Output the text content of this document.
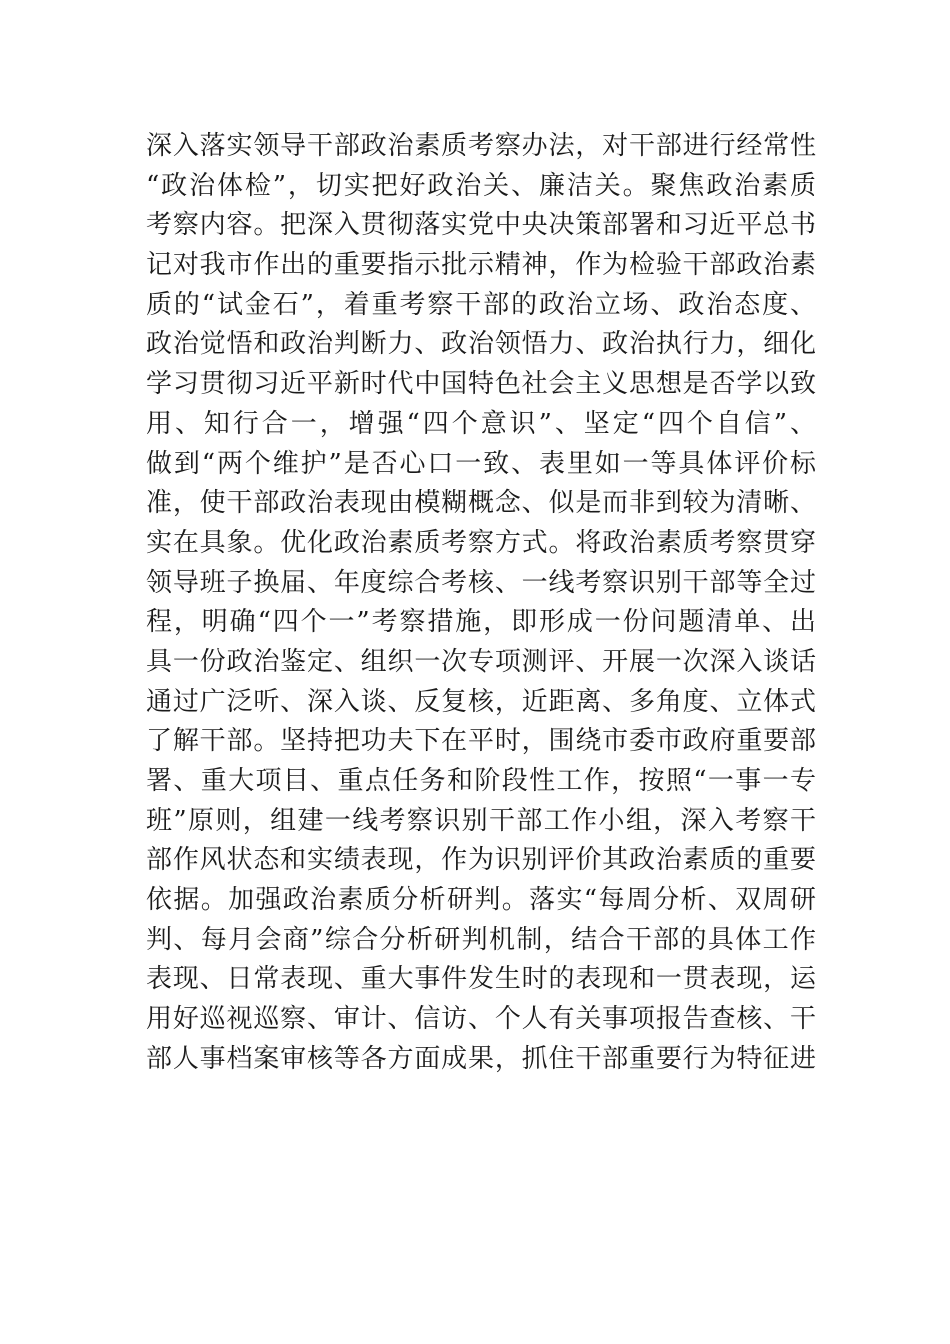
深入落实领导干部政治素质考察办法，对干部进行经常性
“政治体检”，切实把好政治关、廉洁关。聚焦政治素质
考察内容。把深入贯彻落实党中央决策部署和习近平总书
记对我市作出的重要指示批示精神，作为检验干部政治素
质的“试金石”，着重考察干部的政治立场、政治态度、
政治觉悟和政治判断力、政治领悟力、政治执行力，细化
学习贯彻习近平新时代中国特色社会主义思想是否学以致
用、知行合一，增强“四个意识”、坚定“四个自信”、
做到“两个维护”是否心口一致、表里如一等具体评价标
准，使干部政治表现由模糊概念、似是而非到较为清晰、
实在具象。优化政治素质考察方式。将政治素质考察贯穿
领导班子换届、年度综合考核、一线考察识别干部等全过
程，明确“四个一”考察措施，即形成一份问题清单、出
具一份政治鉴定、组织一次专项测评、开展一次深入谈话
通过广泛听、深入谈、反复核，近距离、多角度、立体式
了解干部。坚持把功夫下在平时，围绕市委市政府重要部
署、重大项目、重点任务和阶段性工作，按照“一事一专
班”原则，组建一线考察识别干部工作小组，深入考察干
部作风状态和实绩表现，作为识别评价其政治素质的重要
依据。加强政治素质分析研判。落实“每周分析、双周研
判、每月会商”综合分析研判机制，结合干部的具体工作
表现、日常表现、重大事件发生时的表现和一贯表现，运
用好巡视巡察、审计、信访、个人有关事项报告查核、干
部人事档案审核等各方面成果，抓住干部重要行为特征进
